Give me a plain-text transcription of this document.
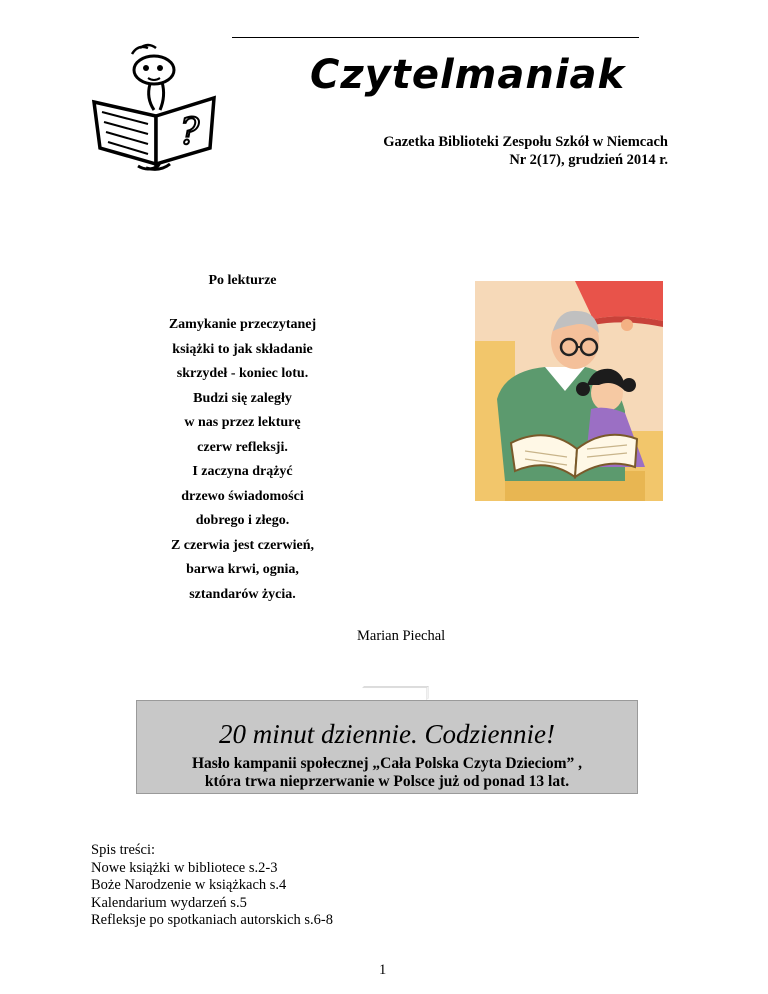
?
Czytelmaniak
Gazetka Biblioteki Zespołu Szkół w Niemcach
Nr 2(17), grudzień 2014 r.

Po lekturze

Zamykanie przeczytanej

książki to jak składanie

skrzydeł - koniec lotu.

Budzi się zaległy

w nas przez lekturę

czerw refleksji.

I zaczyna drążyć

drzewo świadomości

dobrego i złego.

Z czerwia jest czerwień,

barwa krwi, ognia,

sztandarów życia.

Marian Piechal
20 minut dziennie. Codziennie!
Hasło kampanii społecznej „Cała Polska Czyta Dzieciom” ,
która trwa nieprzerwanie w Polsce już od ponad 13 lat.

Spis treści:

Nowe książki w bibliotece s.2-3

Boże Narodzenie w książkach s.4

Kalendarium wydarzeń s.5

Refleksje po spotkaniach autorskich s.6-8

1
